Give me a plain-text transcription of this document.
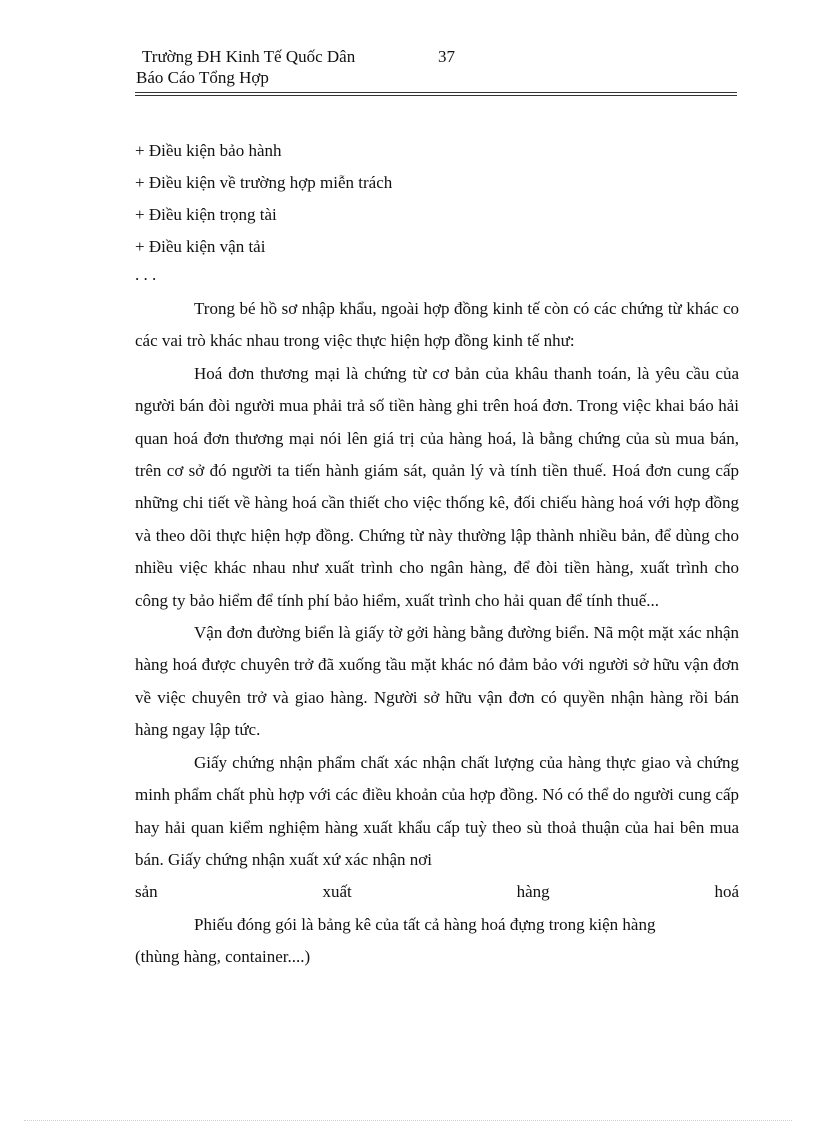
Trường ĐH Kinh Tế Quốc Dân	37
Báo Cáo Tổng Hợp
+ Điều kiện bảo hành
+ Điều kiện về trường hợp miễn trách
+ Điều kiện trọng tài
+ Điều kiện vận tải
. . .

Trong bé hồ sơ nhập khẩu, ngoài hợp đồng kinh tế còn có các chứng từ khác co các vai trò khác nhau trong việc thực hiện hợp đồng kinh tế như:

Hoá đơn thương mại là chứng từ cơ bản của khâu thanh toán, là yêu cầu của người bán đòi người mua phải trả số tiền hàng ghi trên hoá đơn. Trong việc khai báo hải quan hoá đơn thương mại nói lên giá trị của hàng hoá, là bằng chứng của sù mua bán, trên cơ sở đó người ta tiến hành giám sát, quản lý và tính tiền thuế. Hoá đơn cung cấp những chi tiết về hàng hoá cần thiết cho việc thống kê, đối chiếu hàng hoá với hợp đồng và theo dõi thực hiện hợp đồng. Chứng từ này thường lập thành nhiều bản, để dùng cho nhiều việc khác nhau như xuất trình cho ngân hàng, để đòi tiền hàng, xuất trình cho công ty bảo hiểm để tính phí bảo hiểm, xuất trình cho hải quan để tính thuế...

Vận đơn đường biển là giấy tờ gởi hàng bằng đường biển. Nã một mặt xác nhận hàng hoá được chuyên trở đã xuống tầu mặt khác nó đảm bảo với người sở hữu vận đơn về việc chuyên trở và giao hàng. Người sở hữu vận đơn có quyền nhận hàng rồi bán hàng ngay lập tức.

Giấy chứng nhận phẩm chất xác nhận chất lượng của hàng thực giao và chứng minh phẩm chất phù hợp với các điều khoản của hợp đồng. Nó có thể do người cung cấp hay hải quan kiểm nghiệm hàng xuất khẩu cấp tuỳ theo sù thoả thuận của hai bên mua bán. Giấy chứng nhận xuất xứ xác nhận nơi

sản	xuất	hàng	hoá

Phiếu đóng gói là bảng kê của tất cả hàng hoá đựng trong kiện hàng

(thùng hàng, container....)
